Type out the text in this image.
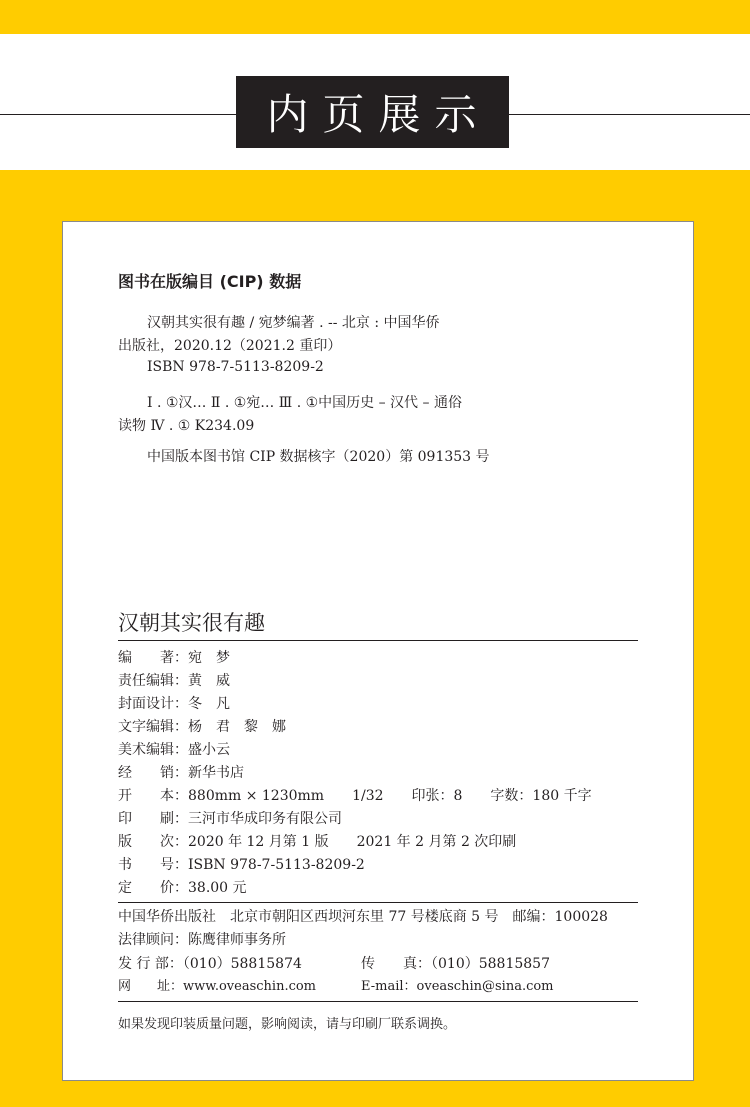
内页展示
图书在版编目 (CIP) 数据
汉朝其实很有趣 / 宛梦编著 . -- 北京 : 中国华侨
出版社，2020.12（2021.2 重印）
ISBN 978-7-5113-8209-2
Ⅰ . ①汉… Ⅱ . ①宛… Ⅲ . ①中国历史 – 汉代 – 通俗
读物 Ⅳ . ① K234.09
中国版本图书馆 CIP 数据核字（2020）第 091353 号
汉朝其实很有趣
编　　著：宛　梦
责任编辑：黄　威
封面设计：冬　凡
文字编辑：杨　君　黎　娜
美术编辑：盛小云
经　　销：新华书店
开　　本：880mm × 1230mm　　1/32　　印张：8　　字数：180 千字
印　　刷：三河市华成印务有限公司
版　　次：2020 年 12 月第 1 版　　2021 年 2 月第 2 次印刷
书　　号：ISBN 978-7-5113-8209-2
定　　价：38.00 元
中国华侨出版社　北京市朝阳区西坝河东里 77 号楼底商 5 号　邮编：100028
法律顾问：陈鹰律师事务所
发 行 部：（010）58815874	传　　真：（010）58815857
网　　址：www.oveaschin.com	E-mail：oveaschin@sina.com
如果发现印装质量问题，影响阅读，请与印刷厂联系调换。
